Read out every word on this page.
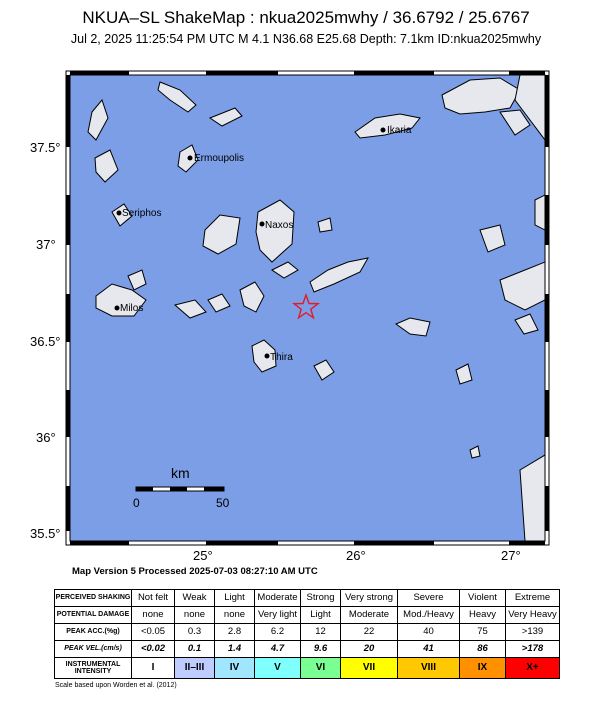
NKUA–SL ShakeMap : nkua2025mwhy / 36.6792 / 25.6767
Jul 2, 2025 11:25:54 PM UTC M 4.1 N36.68 E25.68 Depth: 7.1km ID:nkua2025mwhy
37.5°
37°
36.5°
36°
35.5°
25°	26°	27°
Ikaria
Ermoupolis
Seriphos
Naxos
Milos
Thira
km
0	50
Map Version 5 Processed 2025-07-03 08:27:10 AM UTC
PERCEIVED SHAKING	Not felt	Weak	Light	Moderate	Strong	Very strong	Severe	Violent	Extreme
POTENTIAL DAMAGE	none	none	none	Very light	Light	Moderate	Mod./Heavy	Heavy	Very Heavy
PEAK ACC.(%g)	<0.05	0.3	2.8	6.2	12	22	40	75	>139
PEAK VEL.(cm/s)	<0.02	0.1	1.4	4.7	9.6	20	41	86	>178
INSTRUMENTAL INTENSITY	I	II–III	IV	V	VI	VII	VIII	IX	X+
Scale based upon Worden et al. (2012)
